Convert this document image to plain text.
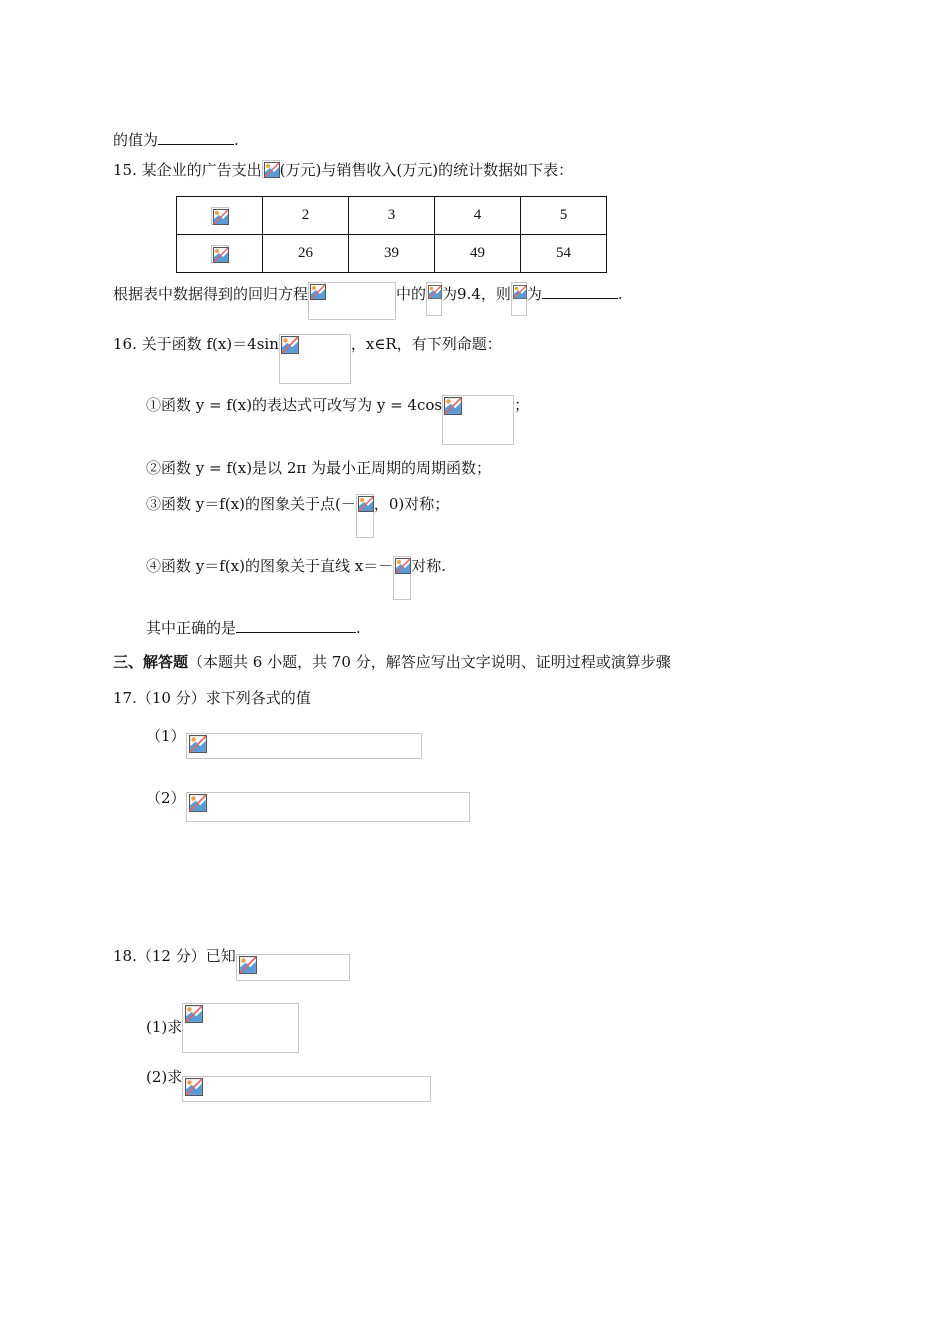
的值为	.
15. 某企业的广告支出 (万元)与销售收入(万元)的统计数据如下表：
	2	3	4	5

	26	39	49	54
根据表中数据得到的回归方程	中的 为9.4，则 为	.
16. 关于函数 f(x)＝4sin	，x∈R，有下列命题：
①函数 y = f(x)的表达式可改写为 y = 4cos	；
②函数 y = f(x)是以 2π 为最小正周期的周期函数；
③函数 y＝f(x)的图象关于点(－ ，0)对称；
④函数 y＝f(x)的图象关于直线 x＝－ 对称.
其中正确的是	.
三、解答题（本题共 6 小题，共 70 分，解答应写出文字说明、证明过程或演算步骤
17.（10 分）求下列各式的值
（1）
（2）
18.（12 分）已知
(1)求
(2)求
